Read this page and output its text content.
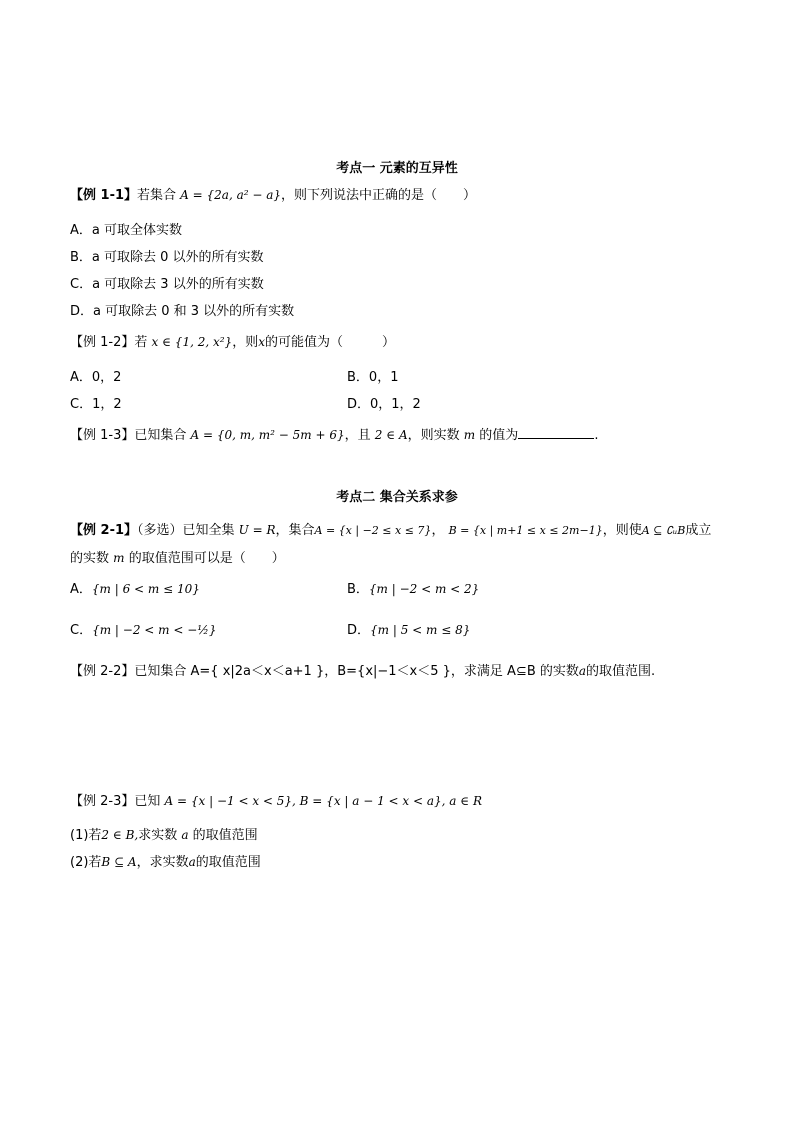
考点一 元素的互异性
【例 1-1】若集合 A = {2a, a² − a}，则下列说法中正确的是（　　）
A．a 可取全体实数
B．a 可取除去 0 以外的所有实数
C．a 可取除去 3 以外的所有实数
D．a 可取除去 0 和 3 以外的所有实数
【例 1-2】若 x ∈ {1, 2, x²}，则x的可能值为（　　　）
A．0，2	B．0，1
C．1，2	D．0，1，2
【例 1-3】已知集合 A = {0, m, m² − 5m + 6}，且 2 ∈ A，则实数 m 的值为	.
考点二 集合关系求参
【例 2-1】（多选）已知全集 U = R，集合A = {x | −2 ≤ x ≤ 7}， B = {x | m+1 ≤ x ≤ 2m−1}，则使A ⊆ ∁ᵤB成立
的实数 m 的取值范围可以是（　　）
A．{m | 6 < m ≤ 10}	B．{m | −2 < m < 2}
C．{m | −2 < m < −½}	D．{m | 5 < m ≤ 8}
【例 2-2】已知集合 A={ x|2a＜x＜a+1 }，B={x|−1＜x＜5 }，求满足 A⊆B 的实数a的取值范围.
【例 2-3】已知 A = {x | −1 < x < 5}, B = {x | a − 1 < x < a}, a ∈ R
(1)若2 ∈ B,求实数 a 的取值范围
(2)若B ⊆ A，求实数a的取值范围
